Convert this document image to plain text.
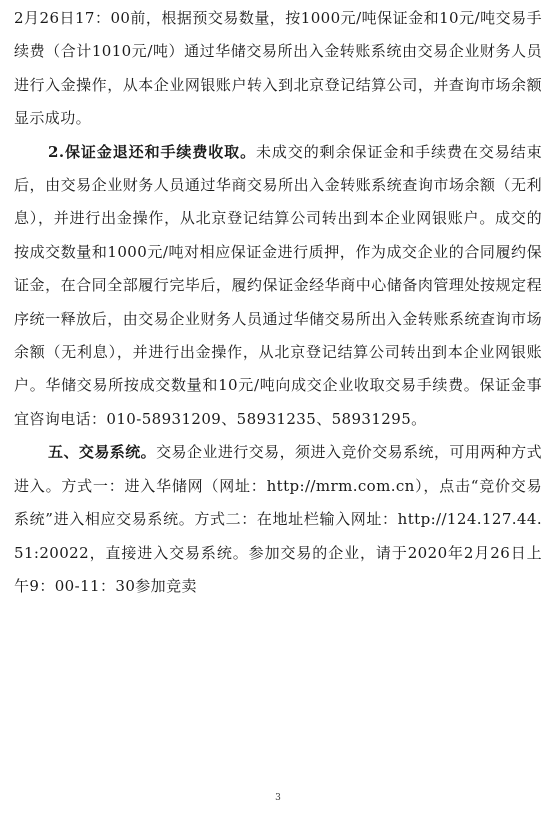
2月26日17：00前，根据预交易数量，按1000元/吨保证金和10元/吨交易手续费（合计1010元/吨）通过华储交易所出入金转账系统由交易企业财务人员进行入金操作，从本企业网银账户转入到北京登记结算公司，并查询市场余额显示成功。

2.保证金退还和手续费收取。未成交的剩余保证金和手续费在交易结束后，由交易企业财务人员通过华商交易所出入金转账系统查询市场余额（无利息），并进行出金操作，从北京登记结算公司转出到本企业网银账户。成交的按成交数量和1000元/吨对相应保证金进行质押，作为成交企业的合同履约保证金，在合同全部履行完毕后，履约保证金经华商中心储备肉管理处按规定程序统一释放后，由交易企业财务人员通过华储交易所出入金转账系统查询市场余额（无利息），并进行出金操作，从北京登记结算公司转出到本企业网银账户。华储交易所按成交数量和10元/吨向成交企业收取交易手续费。保证金事宜咨询电话：010-58931209、58931235、58931295。

五、交易系统。交易企业进行交易，须进入竞价交易系统，可用两种方式进入。方式一：进入华储网（网址：http://mrm.com.cn），点击“竞价交易系统”进入相应交易系统。方式二：在地址栏输入网址：http://124.127.44.51:20022，直接进入交易系统。参加交易的企业，请于2020年2月26日上午9：00-11：30参加竞卖

3
